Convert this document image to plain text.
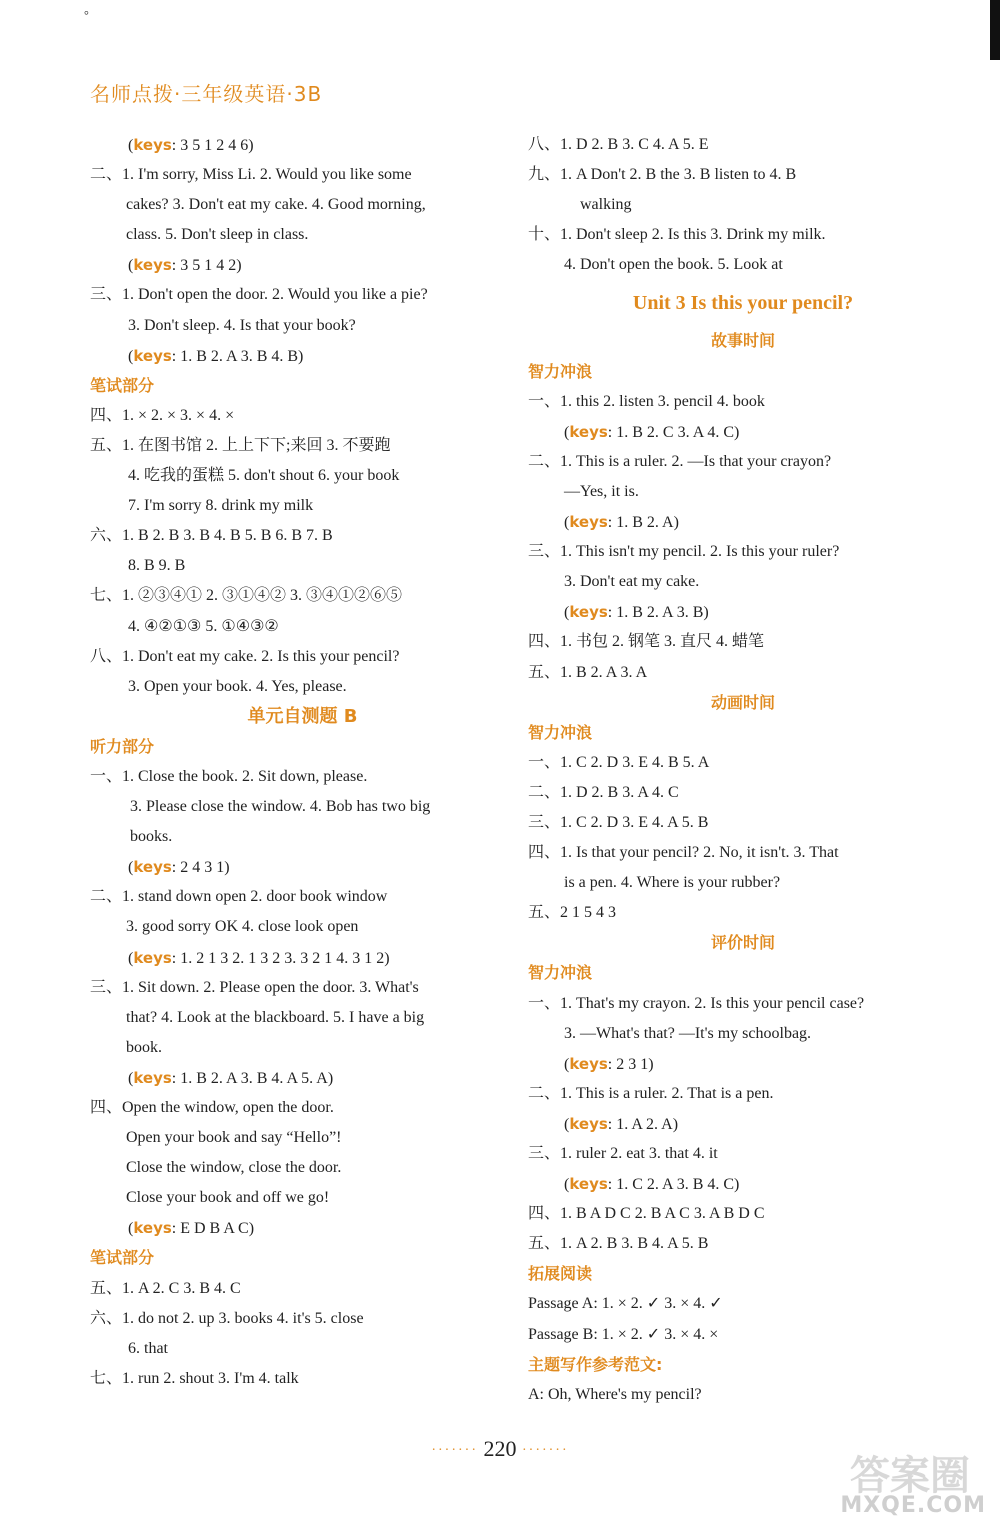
°
名师点拨·三年级英语·3B
(keys: 3 5 1 2 4 6)
二、1. I'm sorry, Miss Li. 2. Would you like some
cakes? 3. Don't eat my cake. 4. Good morning,
class. 5. Don't sleep in class.
(keys: 3 5 1 4 2)
三、1. Don't open the door. 2. Would you like a pie?
3. Don't sleep. 4. Is that your book?
(keys: 1. B 2. A 3. B 4. B)
笔试部分
四、1. × 2. × 3. × 4. ×
五、1. 在图书馆 2. 上上下下;来回 3. 不要跑
4. 吃我的蛋糕 5. don't shout 6. your book
7. I'm sorry 8. drink my milk
六、1. B 2. B 3. B 4. B 5. B 6. B 7. B
8. B 9. B
七、1. ②③④① 2. ③①④② 3. ③④①②⑥⑤
4. ④②①③ 5. ①④③②
八、1. Don't eat my cake. 2. Is this your pencil?
3. Open your book. 4. Yes, please.
单元自测题 B
听力部分
一、1. Close the book. 2. Sit down, please.
3. Please close the window. 4. Bob has two big
books.
(keys: 2 4 3 1)
二、1. stand down open 2. door book window
3. good sorry OK 4. close look open
(keys: 1. 2 1 3 2. 1 3 2 3. 3 2 1 4. 3 1 2)
三、1. Sit down. 2. Please open the door. 3. What's
that? 4. Look at the blackboard. 5. I have a big
book.
(keys: 1. B 2. A 3. B 4. A 5. A)
四、Open the window, open the door.
Open your book and say “Hello”!
Close the window, close the door.
Close your book and off we go!
(keys: E D B A C)
笔试部分
五、1. A 2. C 3. B 4. C
六、1. do not 2. up 3. books 4. it's 5. close
6. that
七、1. run 2. shout 3. I'm 4. talk
八、1. D 2. B 3. C 4. A 5. E
九、1. A Don't 2. B the 3. B listen to 4. B
walking
十、1. Don't sleep 2. Is this 3. Drink my milk.
4. Don't open the book. 5. Look at
Unit 3 Is this your pencil?
故事时间
智力冲浪
一、1. this 2. listen 3. pencil 4. book
(keys: 1. B 2. C 3. A 4. C)
二、1. This is a ruler. 2. —Is that your crayon?
—Yes, it is.
(keys: 1. B 2. A)
三、1. This isn't my pencil. 2. Is this your ruler?
3. Don't eat my cake.
(keys: 1. B 2. A 3. B)
四、1. 书包 2. 钢笔 3. 直尺 4. 蜡笔
五、1. B 2. A 3. A
动画时间
智力冲浪
一、1. C 2. D 3. E 4. B 5. A
二、1. D 2. B 3. A 4. C
三、1. C 2. D 3. E 4. A 5. B
四、1. Is that your pencil? 2. No, it isn't. 3. That
is a pen. 4. Where is your rubber?
五、2 1 5 4 3
评价时间
智力冲浪
一、1. That's my crayon. 2. Is this your pencil case?
3. —What's that? —It's my schoolbag.
(keys: 2 3 1)
二、1. This is a ruler. 2. That is a pen.
(keys: 1. A 2. A)
三、1. ruler 2. eat 3. that 4. it
(keys: 1. C 2. A 3. B 4. C)
四、1. B A D C 2. B A C 3. A B D C
五、1. A 2. B 3. B 4. A 5. B
拓展阅读
Passage A: 1. × 2. ✓ 3. × 4. ✓
Passage B: 1. × 2. ✓ 3. × 4. ×
主题写作参考范文:
A: Oh, Where's my pencil?
······· 220 ·······
答案圈
MXQE.COM
